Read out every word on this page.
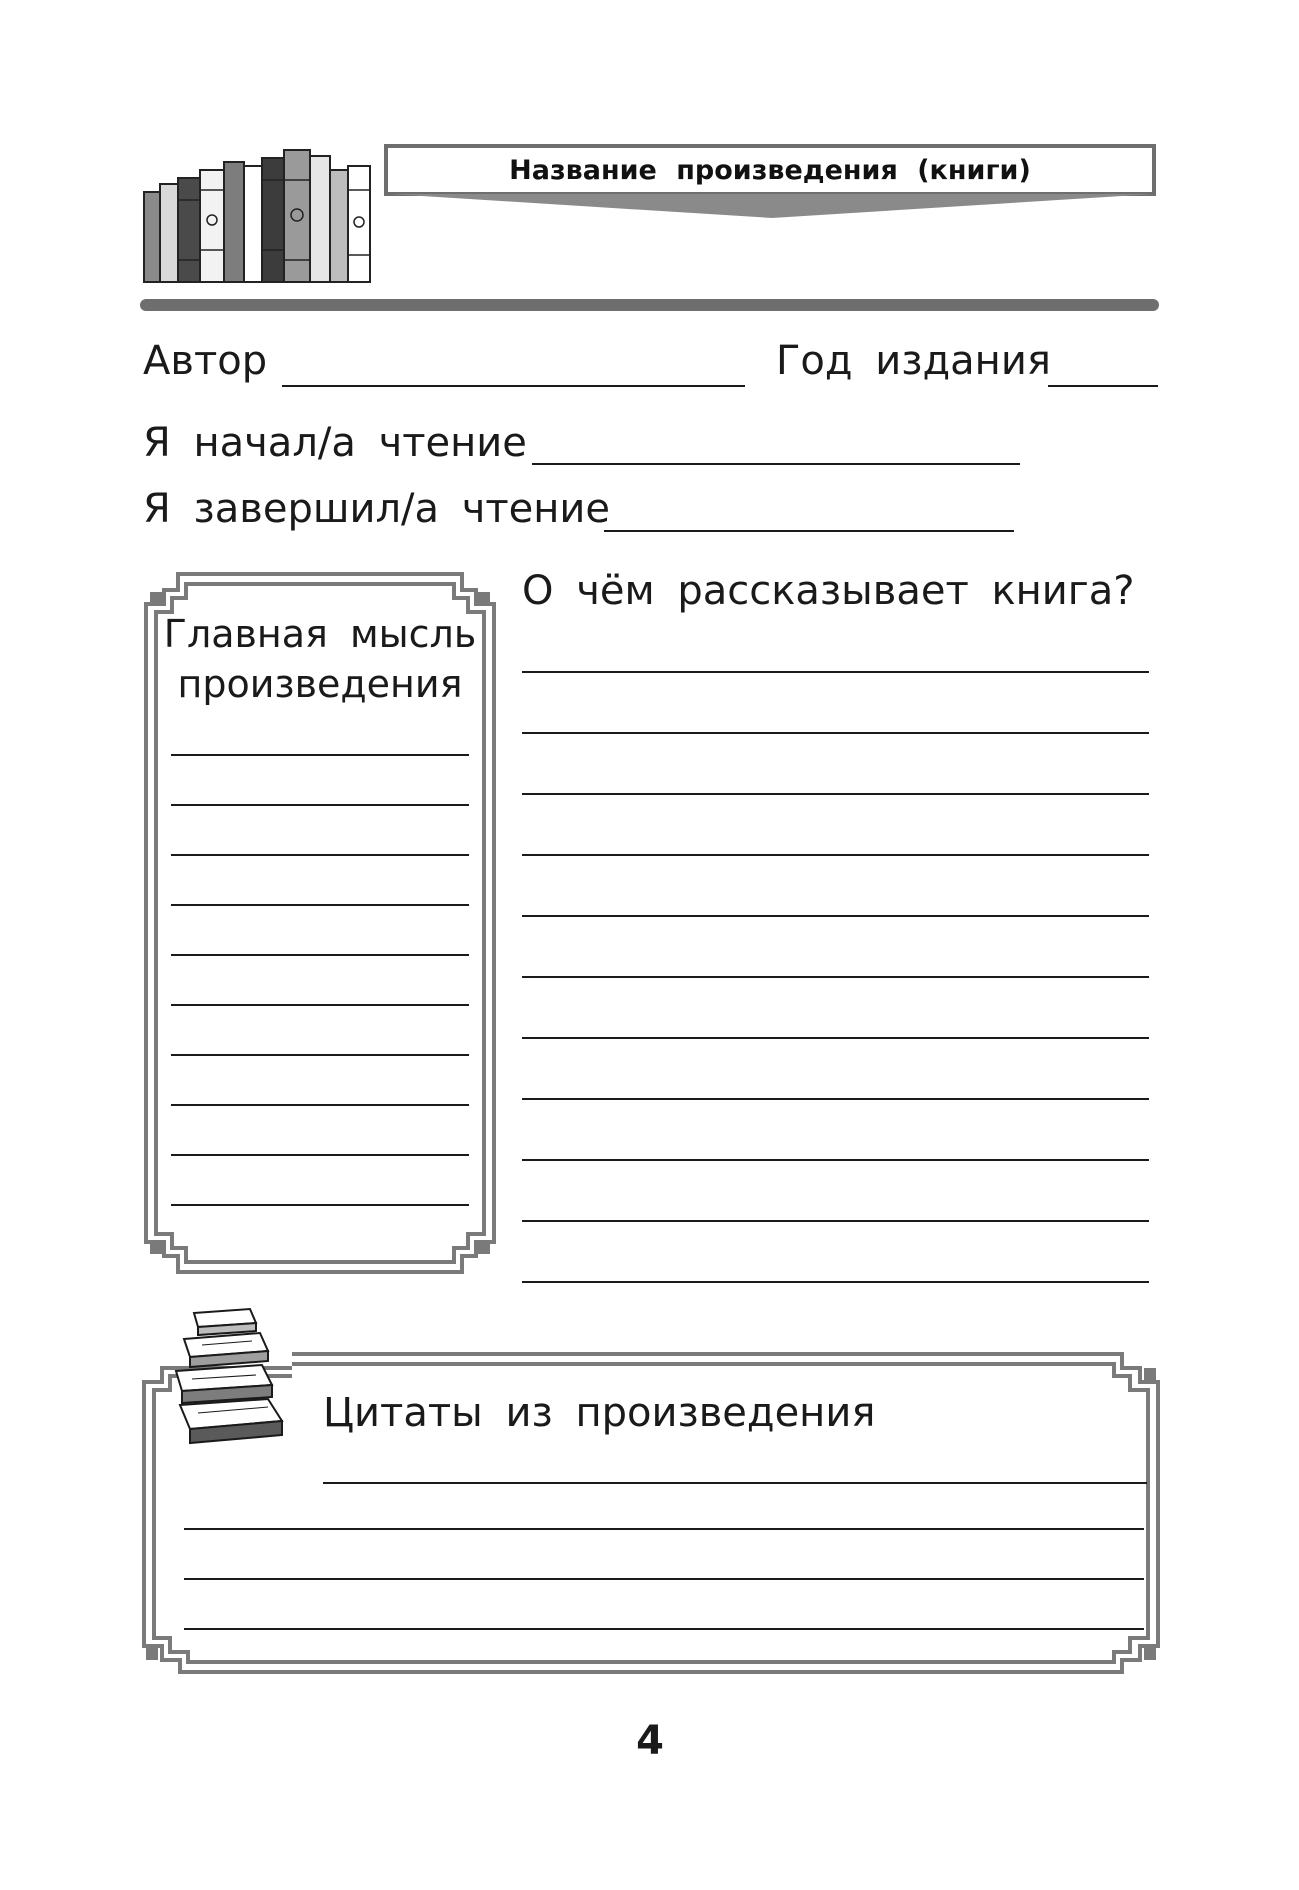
Название произведения (книги)
Автор	Год издания
Я начал/а чтение
Я завершил/а чтение
Главная мысль
произведения
О чём рассказывает книга?
Цитаты из произведения
4
